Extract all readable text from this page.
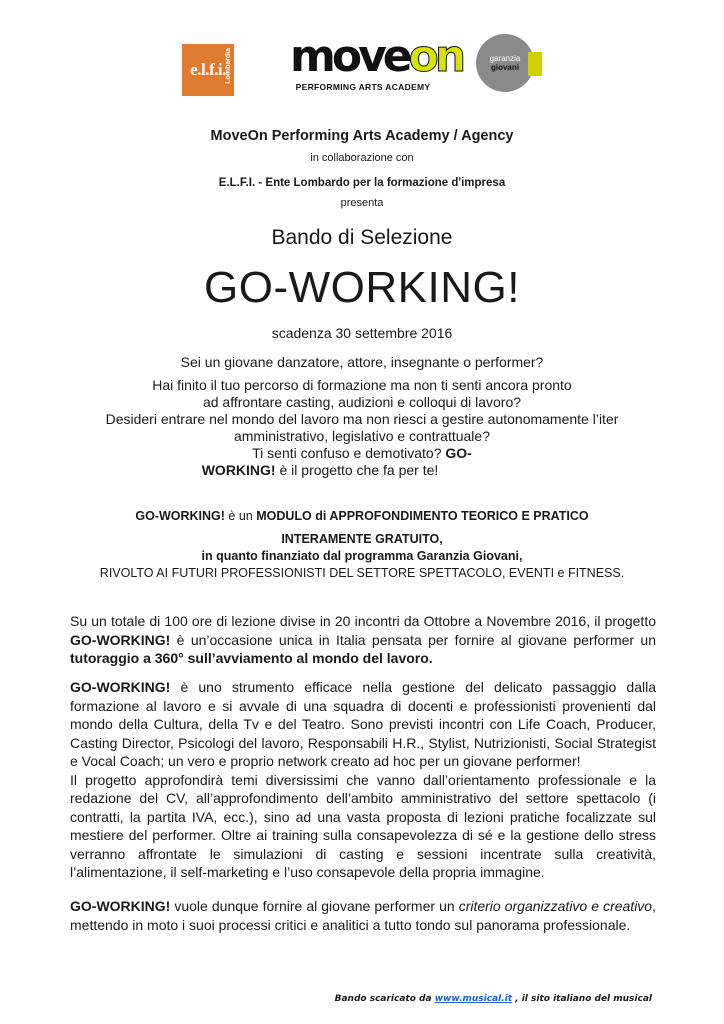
e.l.f.i. Lombardia moveon
PERFORMING ARTS ACADEMY
garanzia
giovani
MoveOn Performing Arts Academy / Agency
in collaborazione con
E.L.F.I. - Ente Lombardo per la formazione d'impresa
presenta
Bando di Selezione
GO-WORKING!
scadenza 30 settembre 2016
Sei un giovane danzatore, attore, insegnante o performer?
Hai finito il tuo percorso di formazione ma non ti senti ancora pronto
ad affrontare casting, audizioni e colloqui di lavoro?
Desideri entrare nel mondo del lavoro ma non riesci a gestire autonomamente l’iter
amministrativo, legislativo e contrattuale?
Ti senti confuso e demotivato? GO-
WORKING! è il progetto che fa per te!
GO-WORKING! è un MODULO di APPROFONDIMENTO TEORICO E PRATICO
INTERAMENTE GRATUITO,
in quanto finanziato dal programma Garanzia Giovani,
RIVOLTO AI FUTURI PROFESSIONISTI DEL SETTORE SPETTACOLO, EVENTI e FITNESS.
Su un totale di 100 ore di lezione divise in 20 incontri da Ottobre a Novembre 2016, il progetto GO-WORKING! è un’occasione unica in Italia pensata per fornire al giovane performer un tutoraggio a 360° sull’avviamento al mondo del lavoro.
GO-WORKING! è uno strumento efficace nella gestione del delicato passaggio dalla formazione al lavoro e si avvale di una squadra di docenti e professionisti provenienti dal mondo della Cultura, della Tv e del Teatro. Sono previsti incontri con Life Coach, Producer, Casting Director, Psicologi del lavoro, Responsabili H.R., Stylist, Nutrizionisti, Social Strategist e Vocal Coach; un vero e proprio network creato ad hoc per un giovane performer!
Il progetto approfondirà temi diversissimi che vanno dall’orientamento professionale e la redazione del CV, all’approfondimento dell’ambito amministrativo del settore spettacolo (i contratti, la partita IVA, ecc.), sino ad una vasta proposta di lezioni pratiche focalizzate sul mestiere del performer. Oltre ai training sulla consapevolezza di sé e la gestione dello stress verranno affrontate le simulazioni di casting e sessioni incentrate sulla creatività, l’alimentazione, il self-marketing e l’uso consapevole della propria immagine.
GO-WORKING! vuole dunque fornire al giovane performer un criterio organizzativo e creativo, mettendo in moto i suoi processi critici e analitici a tutto tondo sul panorama professionale.
Bando scaricato da www.musical.it , il sito italiano del musical
